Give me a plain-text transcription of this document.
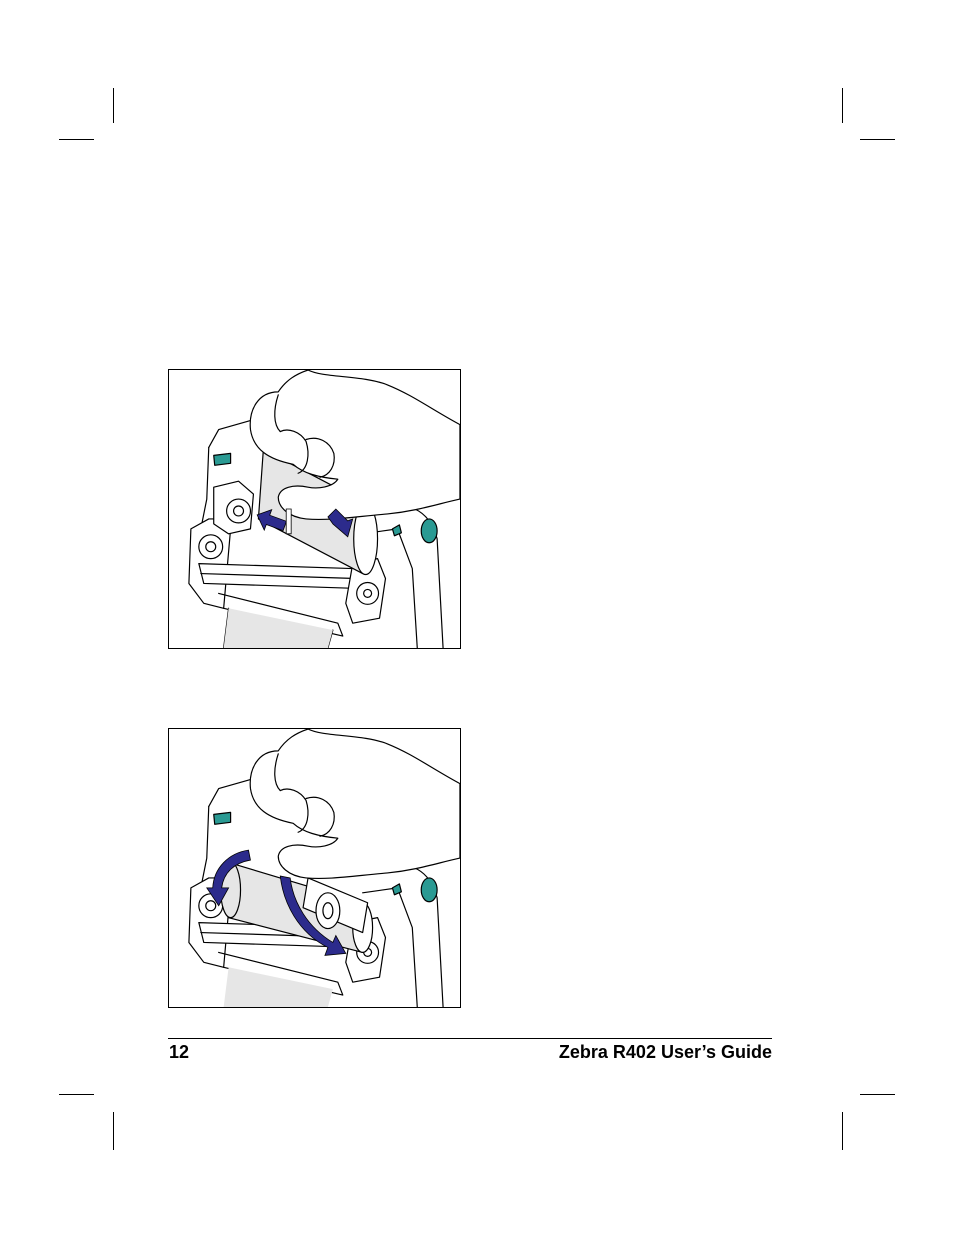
12	Zebra R402 User’s Guide
